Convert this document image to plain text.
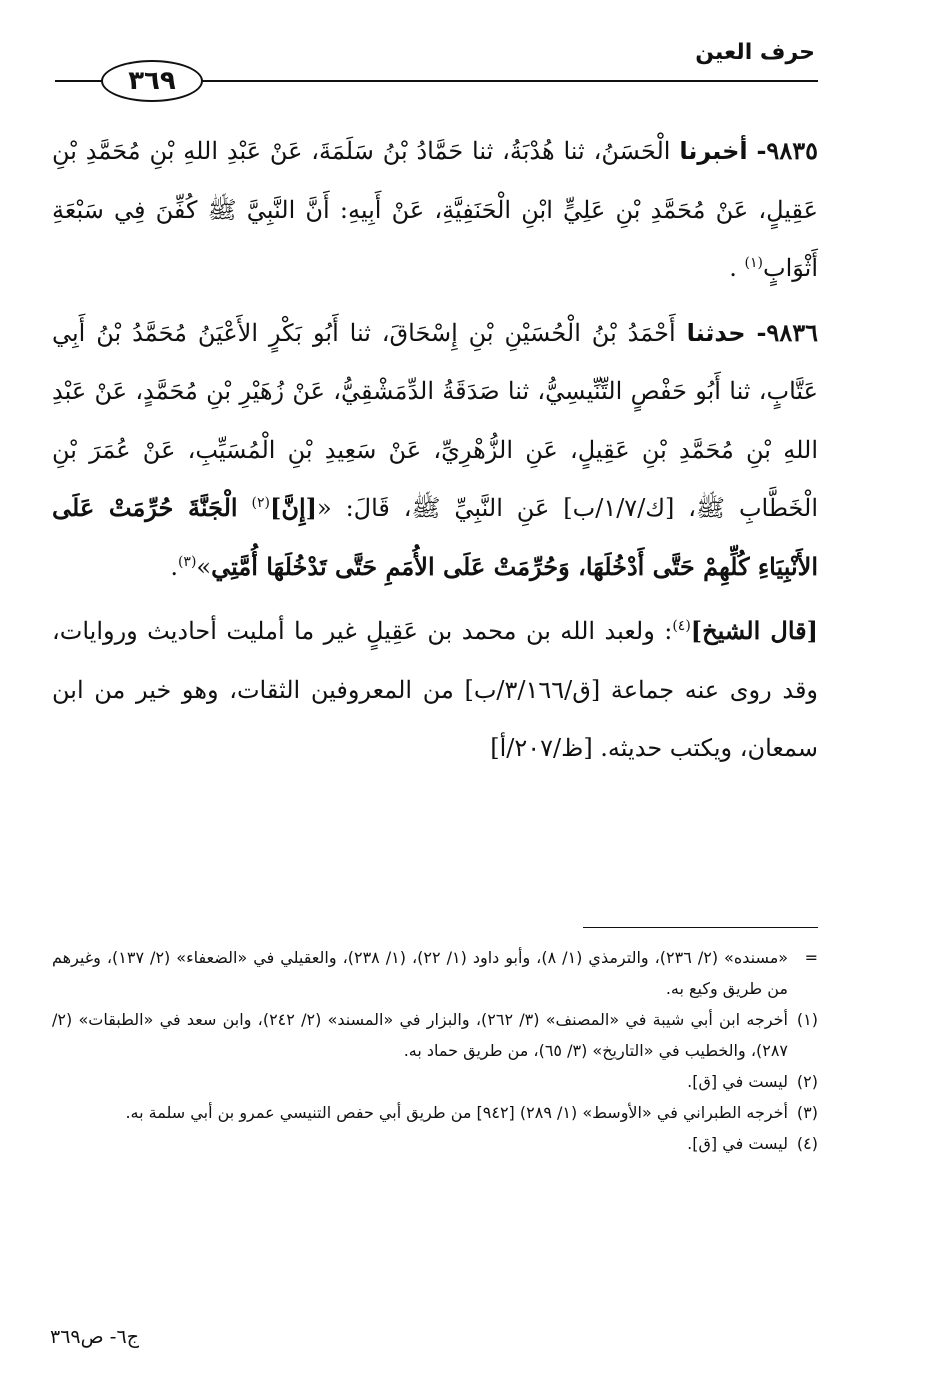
حرف العين
٣٦٩

٩٨٣٥- أخبرنا الْحَسَنُ، ثنا هُدْبَةُ، ثنا حَمَّادُ بْنُ سَلَمَةَ، عَنْ عَبْدِ اللهِ بْنِ مُحَمَّدِ بْنِ عَقِيلٍ، عَنْ مُحَمَّدِ بْنِ عَلِيٍّ ابْنِ الْحَنَفِيَّةِ، عَنْ أَبِيهِ: أَنَّ النَّبِيَّ ﷺ كُفِّنَ فِي سَبْعَةِ أَثْوَابٍ$^{(١)}$ .

٩٨٣٦- حدثنا أَحْمَدُ بْنُ الْحُسَيْنِ بْنِ إِسْحَاقَ، ثنا أَبُو بَكْرٍ الأَعْيَنُ مُحَمَّدُ بْنُ أَبِي عَتَّابٍ، ثنا أَبُو حَفْصٍ التِّنِّيسِيُّ، ثنا صَدَقَةُ الدِّمَشْقِيُّ، عَنْ زُهَيْرِ بْنِ مُحَمَّدٍ، عَنْ عَبْدِ اللهِ بْنِ مُحَمَّدِ بْنِ عَقِيلٍ، عَنِ الزُّهْرِيِّ، عَنْ سَعِيدِ بْنِ الْمُسَيِّبِ، عَنْ عُمَرَ بْنِ الْخَطَّابِ ﷺ، [ك/١/٧/ب] عَنِ النَّبِيِّ ﷺ، قَالَ: «[إِنَّ]$^{(٢)}$ الْجَنَّةَ حُرِّمَتْ عَلَى الأَنْبِيَاءِ كُلِّهِمْ حَتَّى أَدْخُلَهَا، وَحُرِّمَتْ عَلَى الأُمَمِ حَتَّى تَدْخُلَهَا أُمَّتِي»$^{(٣)}$.

[قال الشيخ]$^{(٤)}$: ولعبد الله بن محمد بن عَقِيلٍ غير ما أمليت أحاديث وروايات، وقد روى عنه جماعة [ق/٣/١٦٦/ب] من المعروفين الثقات، وهو خير من ابن سمعان، ويكتب حديثه. [ظ/٢٠٧/أ]

=
«مسنده» (٢/ ٢٣٦)، والترمذي (١/ ٨)، وأبو داود (١/ ٢٢)، (١/ ٢٣٨)، والعقيلي في «الضعفاء» (٢/ ١٣٧)، وغيرهم من طريق وكيع به.
(١)
أخرجه ابن أبي شيبة في «المصنف» (٣/ ٢٦٢)، والبزار في «المسند» (٢/ ٢٤٢)، وابن سعد في «الطبقات» (٢/ ٢٨٧)، والخطيب في «التاريخ» (٣/ ٦٥)، من طريق حماد به.
(٢)
ليست في [ق].
(٣)
أخرجه الطبراني في «الأوسط» (١/ ٢٨٩) [٩٤٢] من طريق أبي حفص التنيسي عمرو بن أبي سلمة به.
(٤)
ليست في [ق].
ج٦- ص٣٦٩
